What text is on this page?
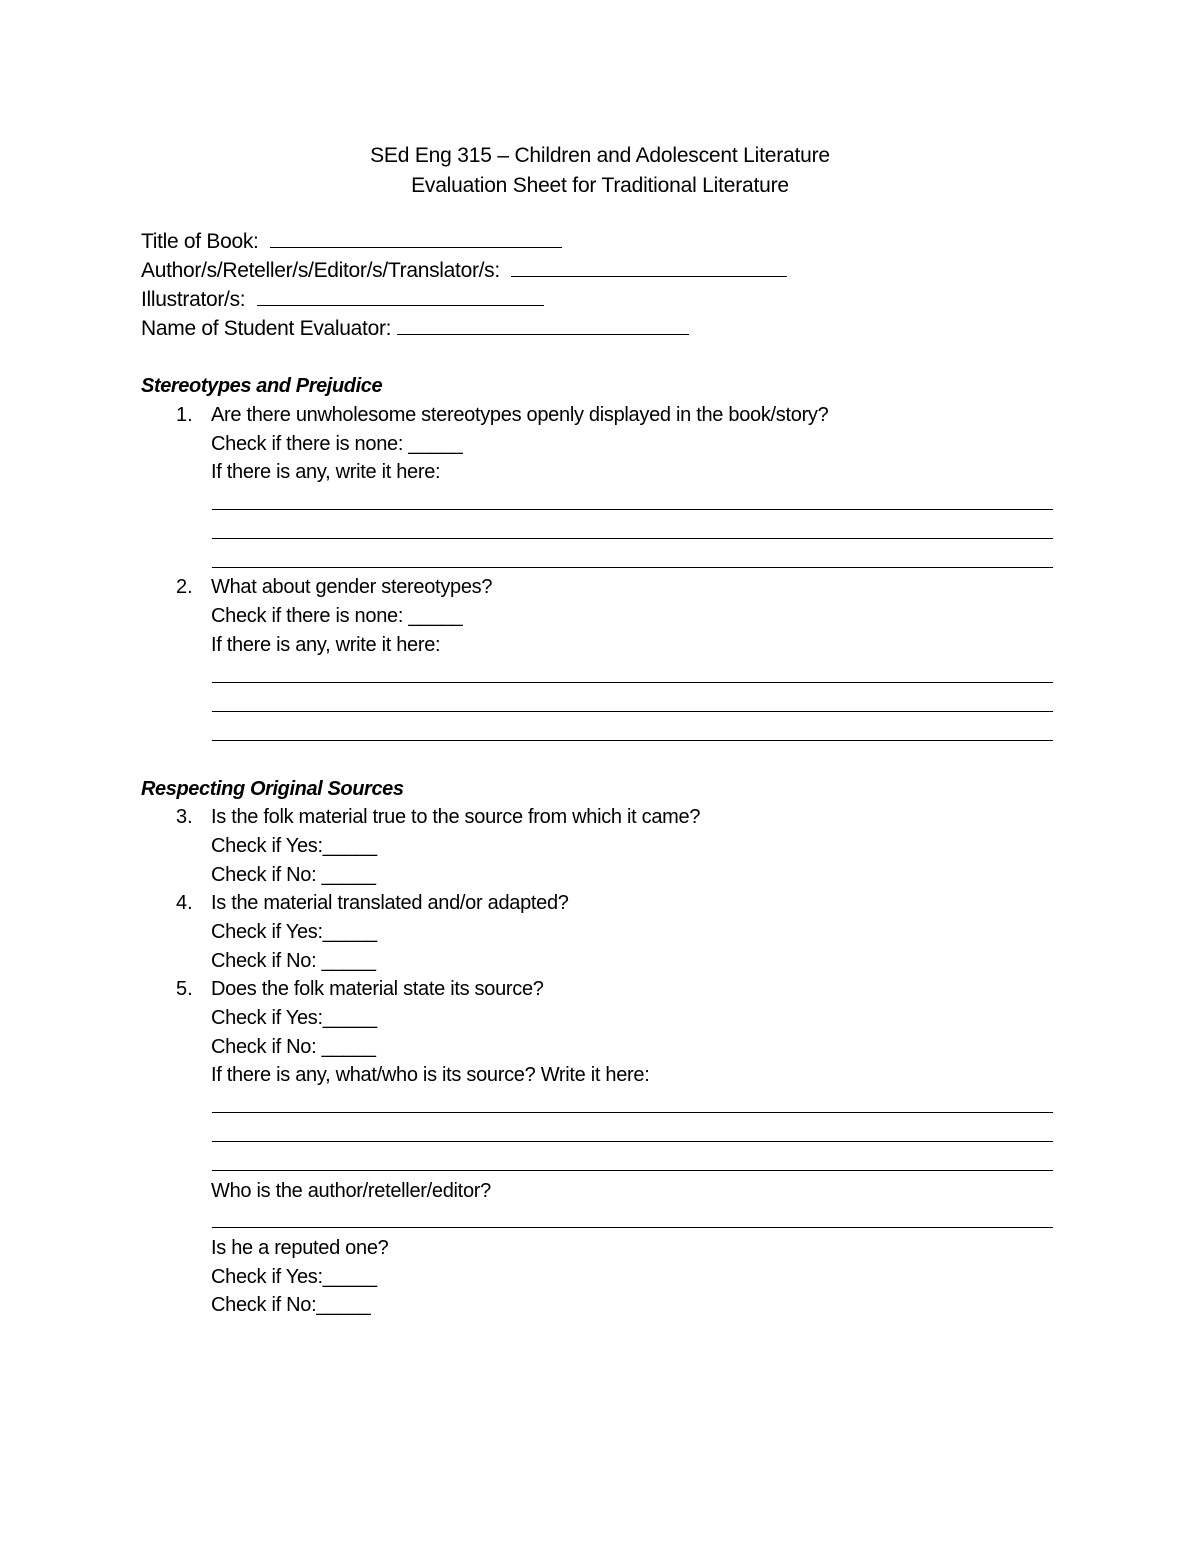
SEd Eng 315 – Children and Adolescent Literature
Evaluation Sheet for Traditional Literature
Title of Book:
Author/s/Reteller/s/Editor/s/Translator/s:
Illustrator/s:
Name of Student Evaluator:
Stereotypes and Prejudice
1. Are there unwholesome stereotypes openly displayed in the book/story?
Check if there is none: _____
If there is any, write it here:
2. What about gender stereotypes?
Check if there is none: _____
If there is any, write it here:
Respecting Original Sources
3. Is the folk material true to the source from which it came?
Check if Yes:_____
Check if No: _____
4. Is the material translated and/or adapted?
Check if Yes:_____
Check if No: _____
5. Does the folk material state its source?
Check if Yes:_____
Check if No: _____
If there is any, what/who is its source? Write it here:
Who is the author/reteller/editor?
Is he a reputed one?
Check if Yes:_____
Check if No:_____
